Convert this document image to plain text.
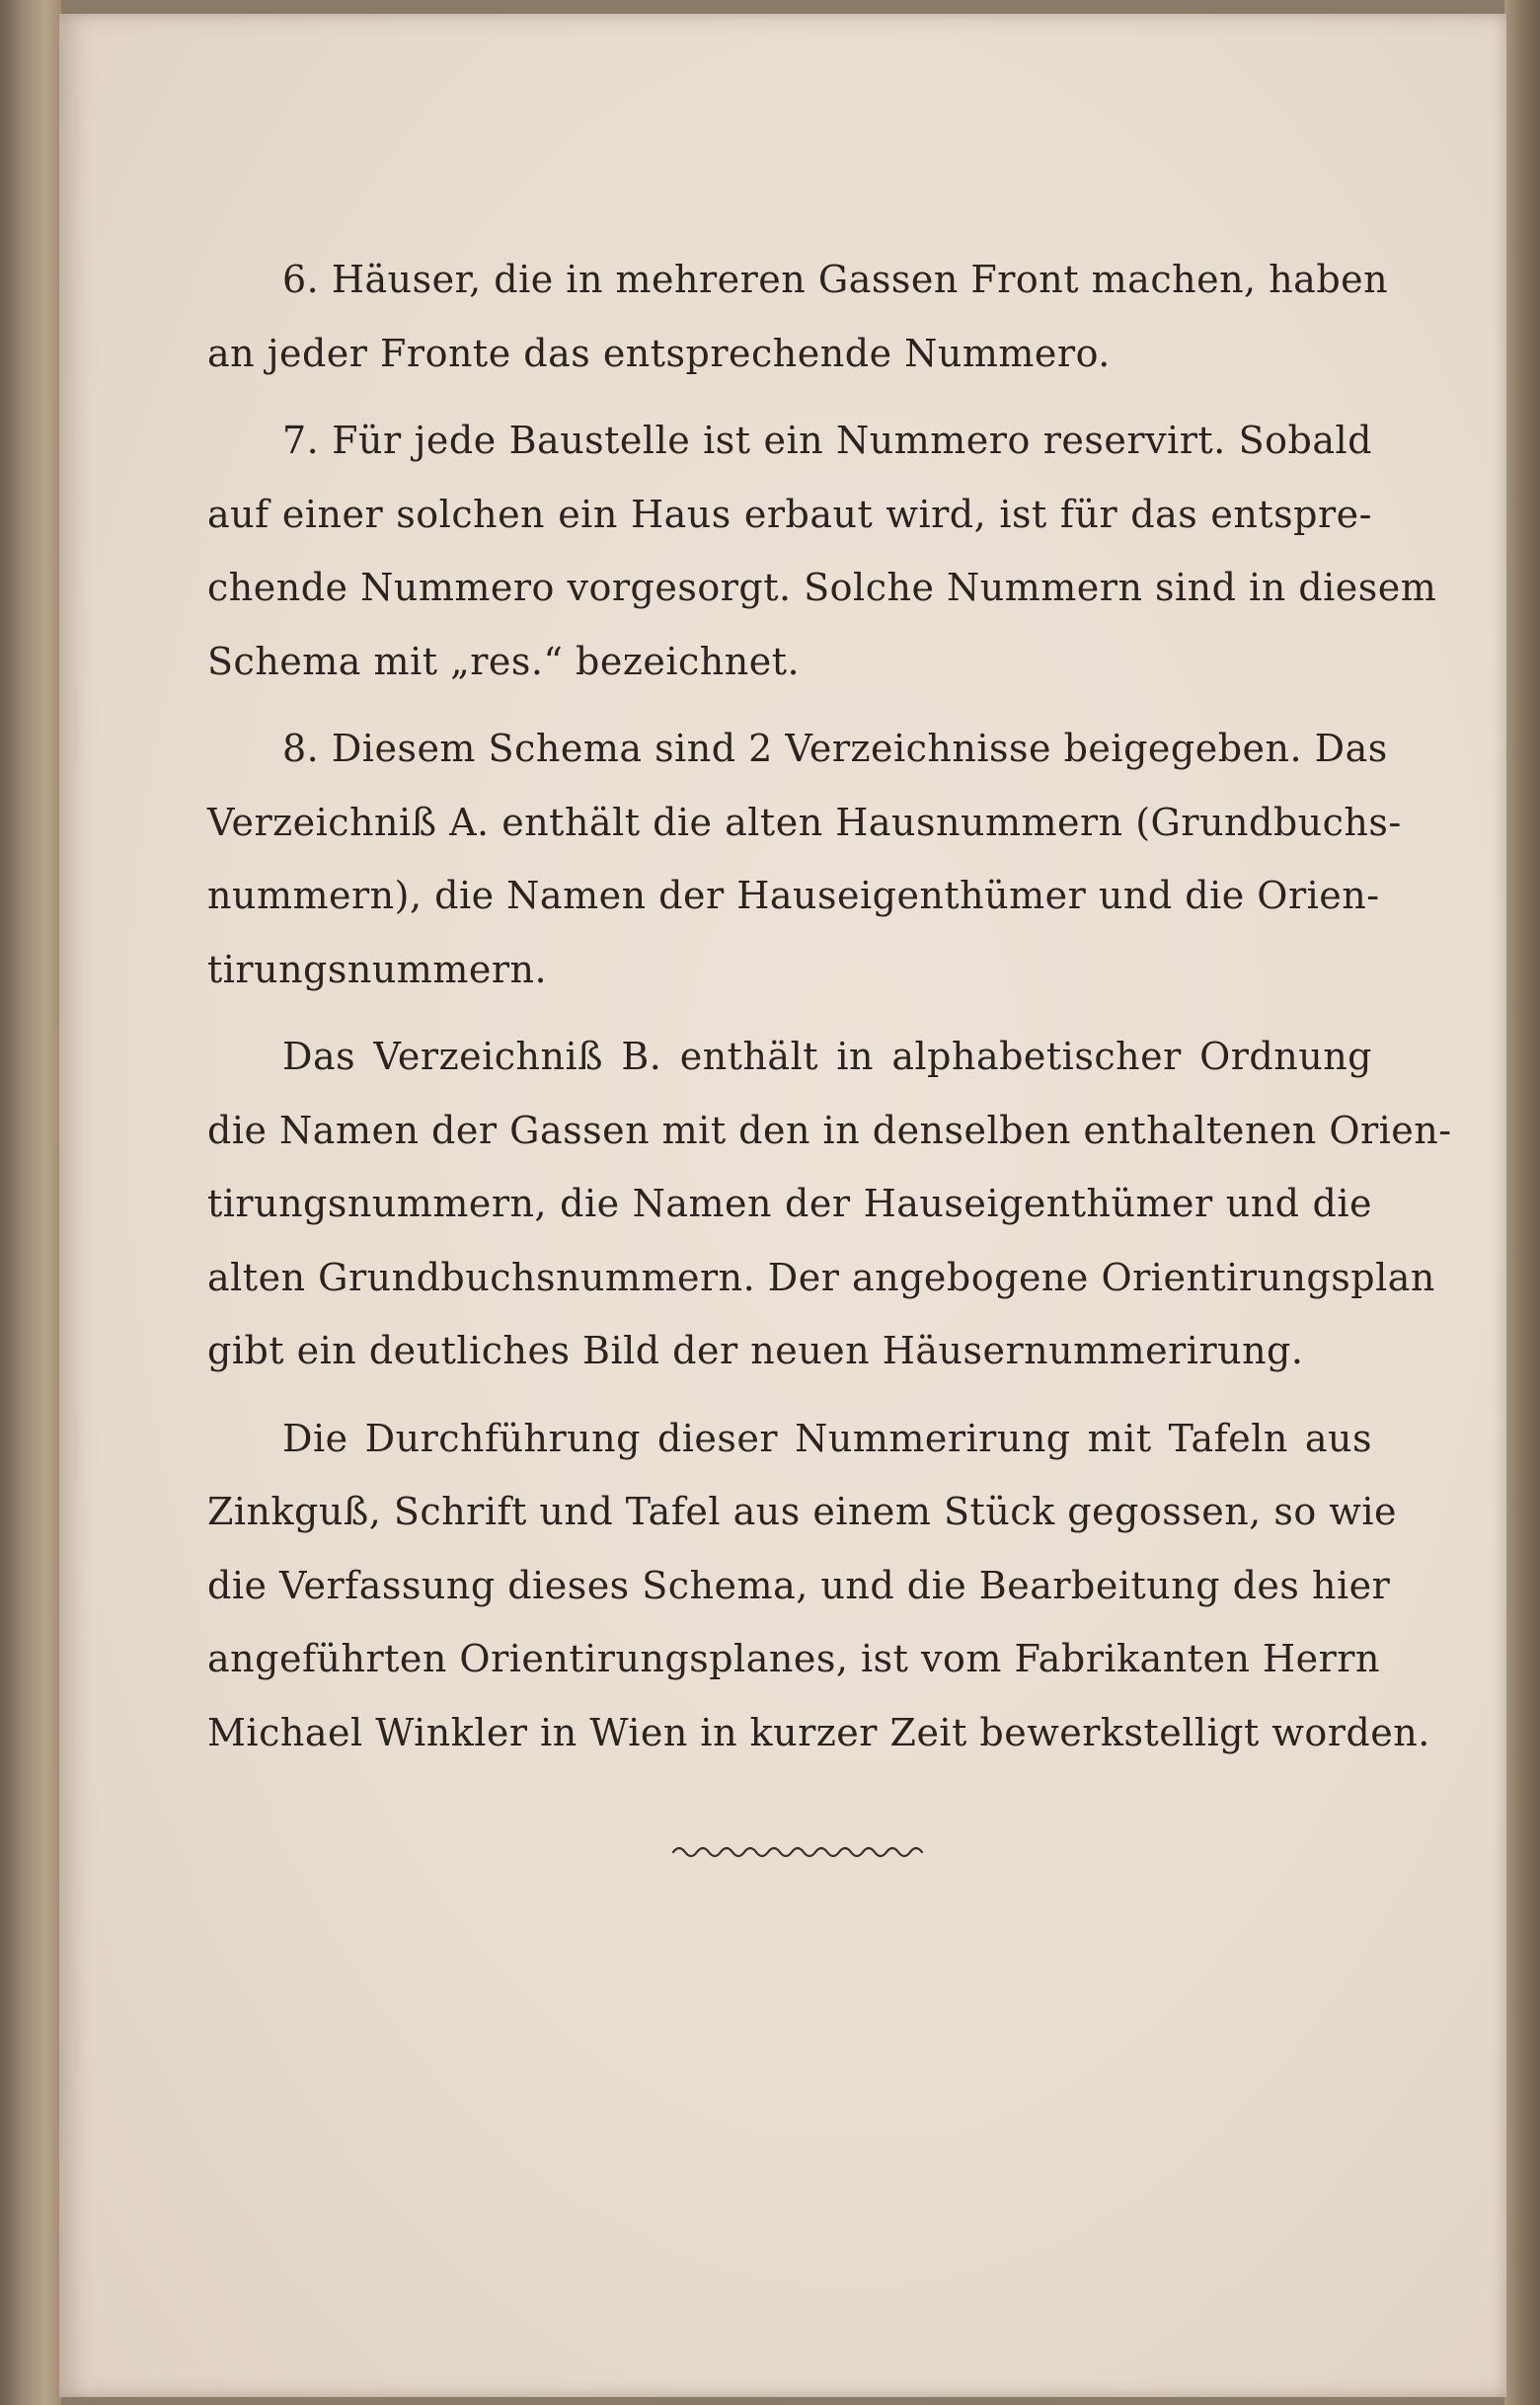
6. Häuser, die in mehreren Gassen Front machen, haben
an jeder Fronte das entsprechende Nummero.
7. Für jede Baustelle ist ein Nummero reservirt. Sobald
auf einer solchen ein Haus erbaut wird, ist für das entspre-
chende Nummero vorgesorgt. Solche Nummern sind in diesem
Schema mit „res.“ bezeichnet.
8. Diesem Schema sind 2 Verzeichnisse beigegeben. Das
Verzeichniß A. enthält die alten Hausnummern (Grundbuchs-
nummern), die Namen der Hauseigenthümer und die Orien-
tirungsnummern.
Das Verzeichniß B. enthält in alphabetischer Ordnung
die Namen der Gassen mit den in denselben enthaltenen Orien-
tirungsnummern, die Namen der Hauseigenthümer und die
alten Grundbuchsnummern. Der angebogene Orientirungsplan
gibt ein deutliches Bild der neuen Häusernummerirung.
Die Durchführung dieser Nummerirung mit Tafeln aus
Zinkguß, Schrift und Tafel aus einem Stück gegossen, so wie
die Verfassung dieses Schema, und die Bearbeitung des hier
angeführten Orientirungsplanes, ist vom Fabrikanten Herrn
Michael Winkler in Wien in kurzer Zeit bewerkstelligt worden.
